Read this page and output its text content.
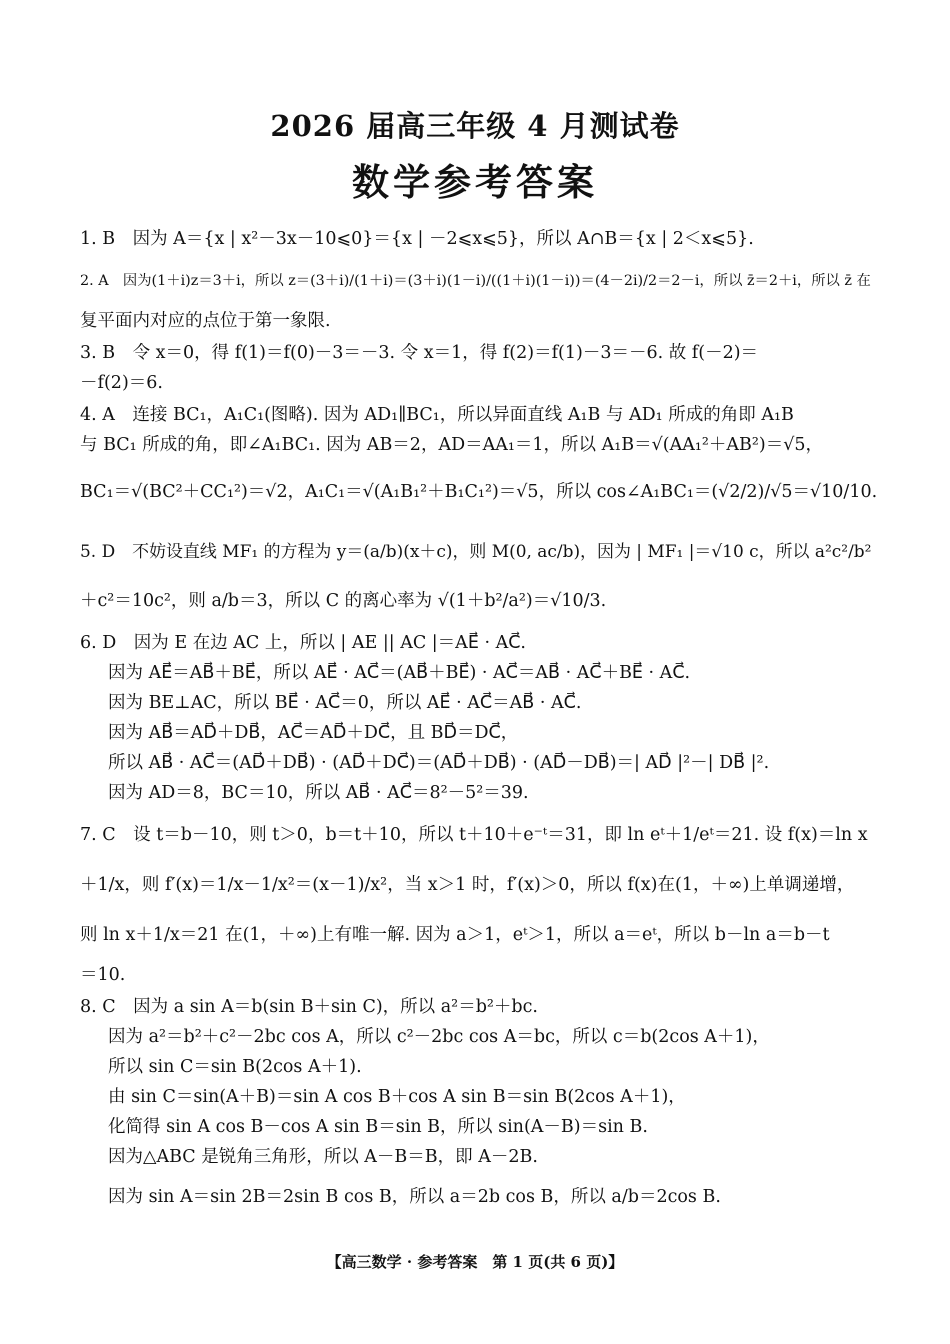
2026 届高三年级 4 月测试卷
数学参考答案
1. B　因为 A＝{x | x²－3x－10⩽0}＝{x | －2⩽x⩽5}，所以 A∩B＝{x | 2＜x⩽5}.
2. A　因为(1＋i)z＝3＋i，所以 z＝(3＋i)/(1＋i)＝(3＋i)(1－i)/((1＋i)(1－i))＝(4－2i)/2＝2－i，所以 z̄＝2＋i，所以 z̄ 在
复平面内对应的点位于第一象限.
3. B　令 x＝0，得 f(1)＝f(0)－3＝－3. 令 x＝1，得 f(2)＝f(1)－3＝－6. 故 f(－2)＝
－f(2)＝6.
4. A　连接 BC₁，A₁C₁(图略). 因为 AD₁∥BC₁，所以异面直线 A₁B 与 AD₁ 所成的角即 A₁B
与 BC₁ 所成的角，即∠A₁BC₁. 因为 AB＝2，AD＝AA₁＝1，所以 A₁B＝√(AA₁²＋AB²)＝√5，
BC₁＝√(BC²＋CC₁²)＝√2，A₁C₁＝√(A₁B₁²＋B₁C₁²)＝√5，所以 cos∠A₁BC₁＝(√2/2)/√5＝√10/10.
5. D　不妨设直线 MF₁ 的方程为 y＝(a/b)(x＋c)，则 M(0, ac/b)，因为 | MF₁ |＝√10 c，所以 a²c²/b²
＋c²＝10c²，则 a/b＝3，所以 C 的离心率为 √(1＋b²/a²)＝√10/3.
6. D　因为 E 在边 AC 上，所以 | AE || AC |＝AE⃗ · AC⃗.
因为 AE⃗＝AB⃗＋BE⃗，所以 AE⃗ · AC⃗＝(AB⃗＋BE⃗) · AC⃗＝AB⃗ · AC⃗＋BE⃗ · AC⃗.
因为 BE⊥AC，所以 BE⃗ · AC⃗＝0，所以 AE⃗ · AC⃗＝AB⃗ · AC⃗.
因为 AB⃗＝AD⃗＋DB⃗，AC⃗＝AD⃗＋DC⃗，且 BD⃗＝DC⃗，
所以 AB⃗ · AC⃗＝(AD⃗＋DB⃗) · (AD⃗＋DC⃗)＝(AD⃗＋DB⃗) · (AD⃗－DB⃗)＝| AD⃗ |²－| DB⃗ |².
因为 AD＝8，BC＝10，所以 AB⃗ · AC⃗＝8²－5²＝39.
7. C　设 t＝b－10，则 t＞0，b＝t＋10，所以 t＋10＋e⁻ᵗ＝31，即 ln eᵗ＋1/eᵗ＝21. 设 f(x)＝ln x
＋1/x，则 f′(x)＝1/x－1/x²＝(x－1)/x²，当 x＞1 时，f′(x)＞0，所以 f(x)在(1，＋∞)上单调递增，
则 ln x＋1/x＝21 在(1，＋∞)上有唯一解. 因为 a＞1，eᵗ＞1，所以 a＝eᵗ，所以 b－ln a＝b－t
＝10.
8. C　因为 a sin A＝b(sin B＋sin C)，所以 a²＝b²＋bc.
因为 a²＝b²＋c²－2bc cos A，所以 c²－2bc cos A＝bc，所以 c＝b(2cos A＋1)，
所以 sin C＝sin B(2cos A＋1).
由 sin C＝sin(A＋B)＝sin A cos B＋cos A sin B＝sin B(2cos A＋1)，
化简得 sin A cos B－cos A sin B＝sin B，所以 sin(A－B)＝sin B.
因为△ABC 是锐角三角形，所以 A－B＝B，即 A－2B.
因为 sin A＝sin 2B＝2sin B cos B，所以 a＝2b cos B，所以 a/b＝2cos B.
【高三数学 · 参考答案　第 1 页(共 6 页)】
